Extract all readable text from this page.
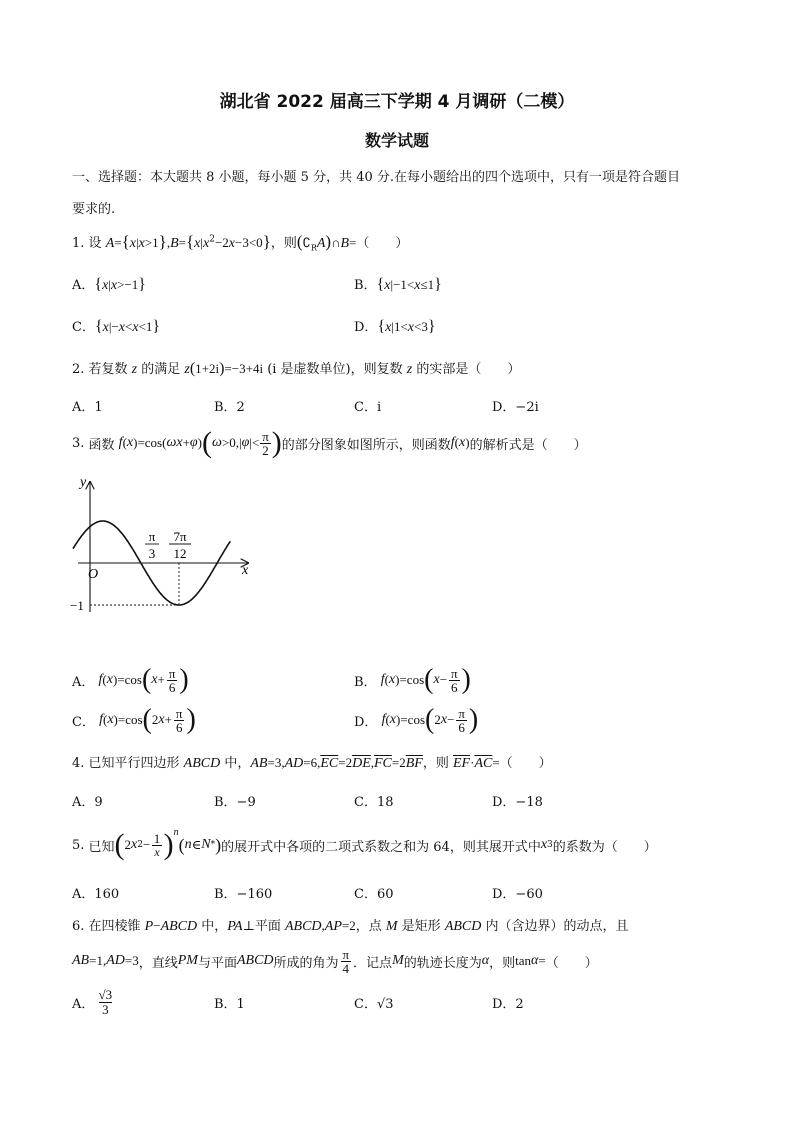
湖北省 2022 届高三下学期 4 月调研（二模）
数学试题
一、选择题：本大题共 8 小题，每小题 5 分，共 40 分.在每小题给出的四个选项中，只有一项是符合题目
要求的.
1. 设 $A=\{x|x>1\},B=\{x|x^2-2x-3<0\}$，则$(∁_RA)\cap B=$（　　）
A．{x|x>−1}	B．{x|−1<x≤1}
C．{x|−x<x<1}	D．{x|1<x<3}
2. 若复数 z 的满足 z(1+2i)=−3+4i (i 是虚数单位)，则复数 z 的实部是（　　）
A．1	B．2	C．i	D．−2i
3. 函数 f ( x )=cos( ωx + φ ) ( ω >0,| φ |< π
2 ) 的部分图象如图所示，则函数 f ( x ) 的解析式是（　　）
y
x
O
π
3
7π
12
−1
A． f ( x )=cos ( $x + \frac{\pi}{6}$ )	B． f ( x )=cos ( $x - \frac{\pi}{6}$ )
C． f ( x )=cos ( 2 $x + \frac{\pi}{6}$ )	D． f ( x )=cos ( 2 $x - \frac{\pi}{6}$ )
4. 已知平行四边形 ABCD 中，$AB=3,AD=6,\overline{EC}=2\overline{DE},\overline{FC}=2\overline{BF}$，则 $\overline{EF}\cdot\overline{AC}=$（　　）
A．9	B．−9	C．18	D．−18
5. 已知 ( 2 x $2 - \frac{1}{x} )^n$
( n ∈ N * ) 的展开式中各项的二项式系数之和为 64，则其展开式中 x 3 的系数为（　　）
A．160	B．−160	C．60	D．−60
6. 在四棱锥 P−ABCD 中，PA⊥平面 ABCD,AP=2，点 M 是矩形 ABCD 内（含边界）的动点，且
AB =1, AD =3 ，直线 PM 与平面 ABCD 所成的角为
π
4 ．记点 M 的轨迹长度为 α ，则 tan α = （　　）
A．
√3
3	B．1	C．√3	D．2
